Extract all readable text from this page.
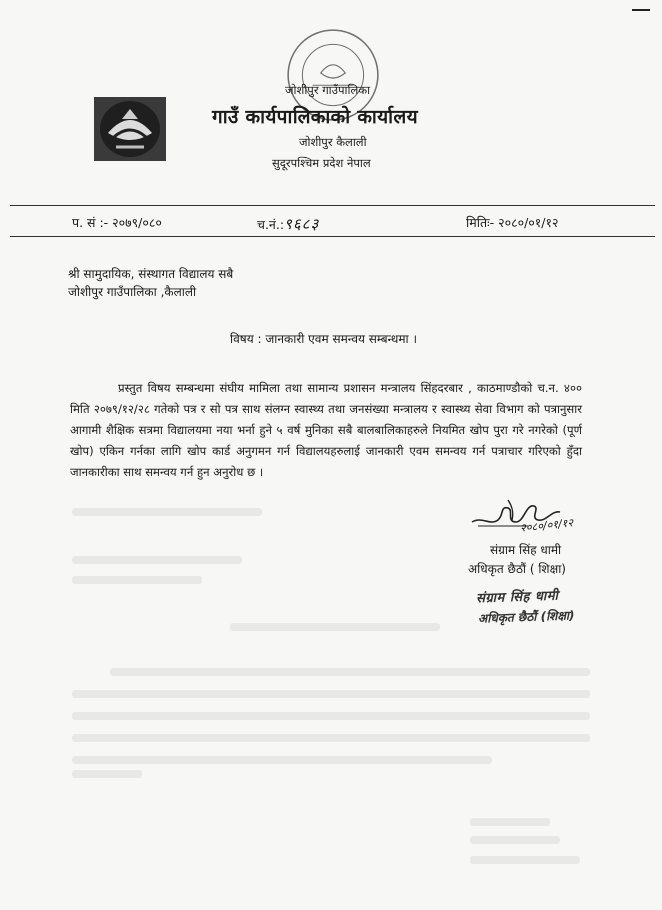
जोशीपुर गाउँपालिका
गाउँ कार्यपालिकाको कार्यालय
जोशीपुर कैलाली
सुदूरपश्चिम प्रदेश नेपाल
प. सं :- २०७९/०८०	च.नं.:९६८३	मितिः- २०८०/०१/१२
श्री सामुदायिक, संस्थागत विद्यालय सबै
जोशीपुर गाउँपालिका ,कैलाली
विषय : जानकारी एवम समन्वय सम्बन्धमा ।
प्रस्तुत विषय सम्बन्धमा संघीय मामिला तथा सामान्य प्रशासन मन्त्रालय सिंहदरबार , काठमाण्डौको च.न. ४०० मिति २०७९/१२/२८ गतेको पत्र र सो पत्र साथ संलग्न स्वास्थ्य तथा जनसंख्या मन्त्रालय र स्वास्थ्य सेवा विभाग को पत्रानुसार आगामी शैक्षिक सत्रमा विद्यालयमा नया भर्ना हुने ५ वर्ष मुनिका सबै बालबालिकाहरुले नियमित खोप पुरा गरे नगरेको (पूर्ण खोप) एकिन गर्नका लागि खोप कार्ड अनुगमन गर्न विद्यालयहरुलाई जानकारी एवम समन्वय गर्न पत्राचार गरिएको हुँदा जानकारीका साथ समन्वय गर्न हुन अनुरोध छ ।
२०८०/०१/१२
संग्राम सिंह धामी
अधिकृत छैठौं ( शिक्षा)
संग्राम सिंह धामी
अधिकृत छैठौं (शिक्षा)
